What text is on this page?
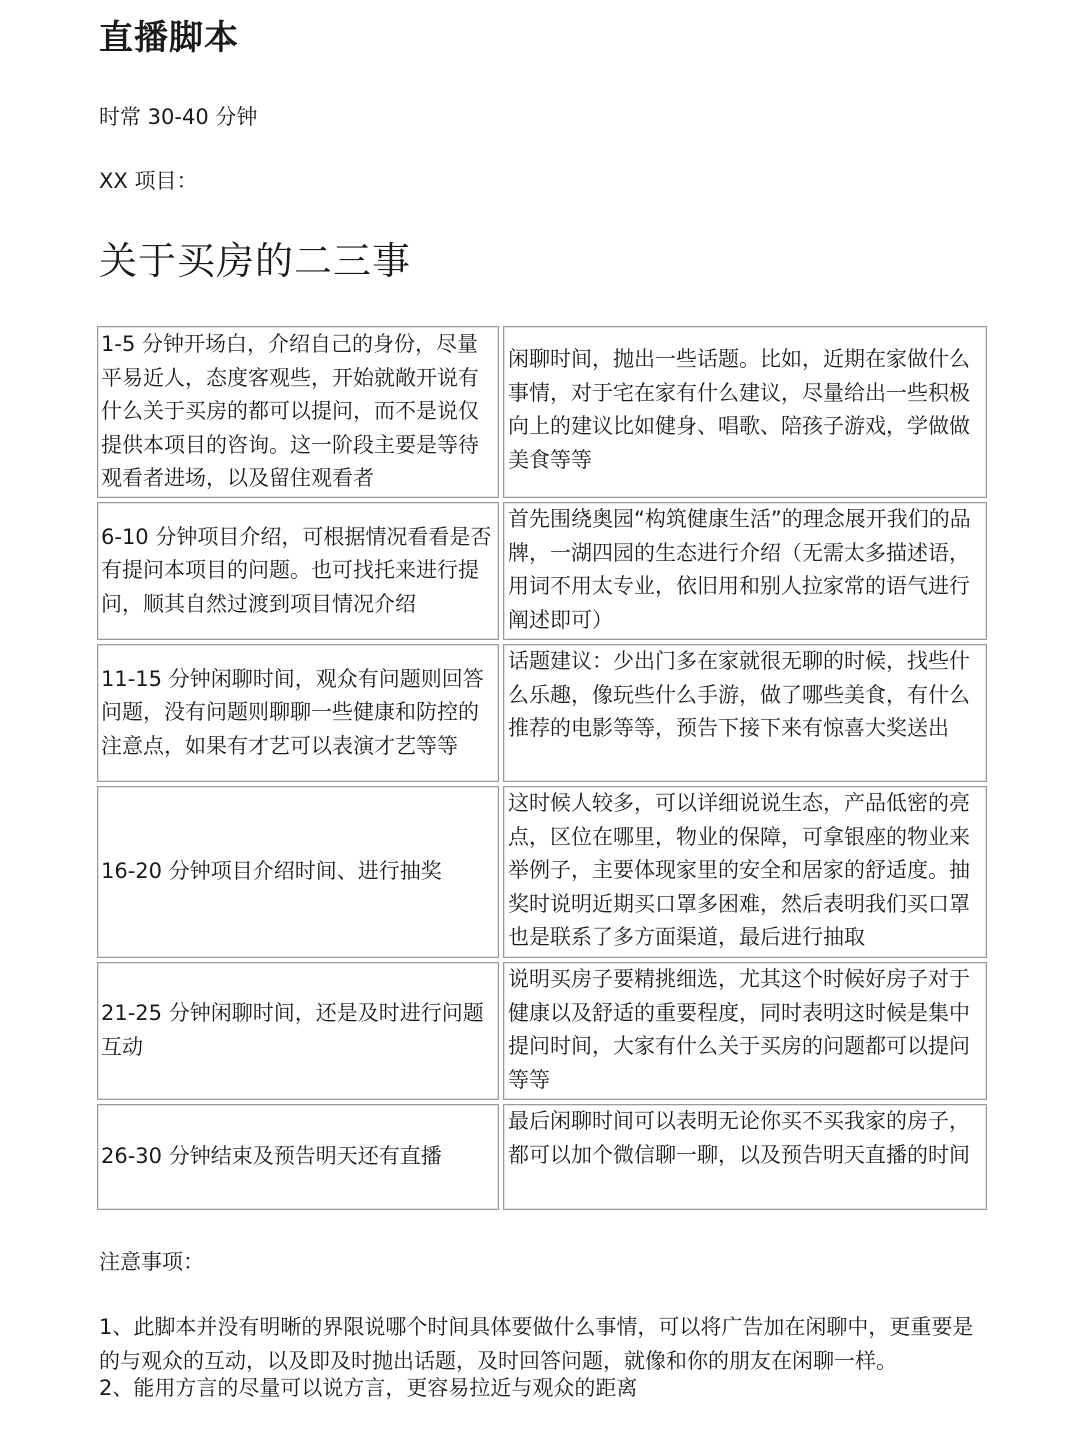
直播脚本
时常 30-40 分钟
XX 项目：
关于买房的二三事
1-5 分钟开场白，介绍自己的身份，尽量平易近人，态度客观些，开始就敞开说有什么关于买房的都可以提问，而不是说仅提供本项目的咨询。这一阶段主要是等待观看者进场，以及留住观看者
闲聊时间，抛出一些话题。比如，近期在家做什么事情，对于宅在家有什么建议，尽量给出一些积极向上的建议比如健身、唱歌、陪孩子游戏，学做做美食等等
6-10 分钟项目介绍，可根据情况看看是否有提问本项目的问题。也可找托来进行提问，顺其自然过渡到项目情况介绍
首先围绕奥园“构筑健康生活”的理念展开我们的品牌，一湖四园的生态进行介绍（无需太多描述语，用词不用太专业，依旧用和别人拉家常的语气进行阐述即可）
11-15 分钟闲聊时间，观众有问题则回答问题，没有问题则聊聊一些健康和防控的注意点，如果有才艺可以表演才艺等等
话题建议：少出门多在家就很无聊的时候，找些什么乐趣，像玩些什么手游，做了哪些美食，有什么推荐的电影等等，预告下接下来有惊喜大奖送出
16-20 分钟项目介绍时间、进行抽奖
这时候人较多，可以详细说说生态，产品低密的亮点，区位在哪里，物业的保障，可拿银座的物业来举例子，主要体现家里的安全和居家的舒适度。抽奖时说明近期买口罩多困难，然后表明我们买口罩也是联系了多方面渠道，最后进行抽取
21-25 分钟闲聊时间，还是及时进行问题互动
说明买房子要精挑细选，尤其这个时候好房子对于健康以及舒适的重要程度，同时表明这时候是集中提问时间，大家有什么关于买房的问题都可以提问等等
26-30 分钟结束及预告明天还有直播
最后闲聊时间可以表明无论你买不买我家的房子，都可以加个微信聊一聊，以及预告明天直播的时间
注意事项：
1、此脚本并没有明晰的界限说哪个时间具体要做什么事情，可以将广告加在闲聊中，更重要是的与观众的互动，以及即及时抛出话题，及时回答问题，就像和你的朋友在闲聊一样。
2、能用方言的尽量可以说方言，更容易拉近与观众的距离
